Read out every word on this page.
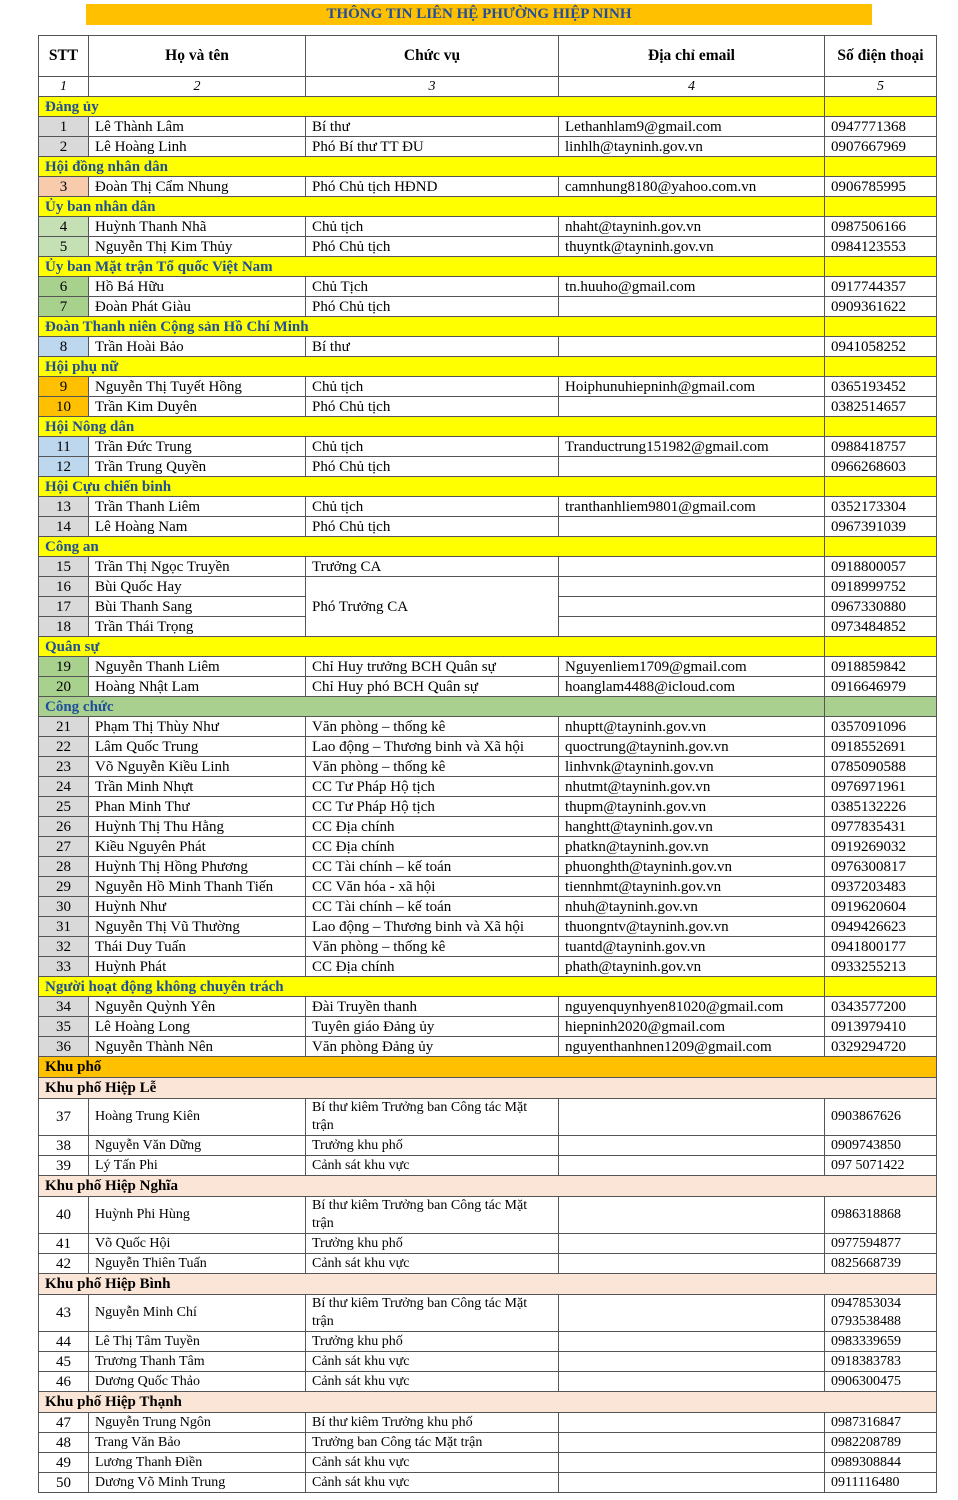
THÔNG TIN LIÊN HỆ PHƯỜNG HIỆP NINH
STT	Họ và tên	Chức vụ	Địa chỉ email	Số điện thoại
1	2	3	4	5
Đảng ủy				
1	Lê Thành Lâm	Bí thư	Lethanhlam9@gmail.com	0947771368
2	Lê Hoàng Linh	Phó Bí thư TT ĐU	linhlh@tayninh.gov.vn	0907667969
Hội đồng nhân dân				
3	Đoàn Thị Cẩm Nhung	Phó Chủ tịch HĐND	camnhung8180@yahoo.com.vn	0906785995
Ủy ban nhân dân				
4	Huỳnh Thanh Nhã	Chủ tịch	nhaht@tayninh.gov.vn	0987506166
5	Nguyễn Thị Kim Thủy	Phó Chủ tịch	thuyntk@tayninh.gov.vn	0984123553
Ủy ban Mặt trận Tổ quốc Việt Nam				
6	Hồ Bá Hữu	Chủ Tịch	tn.huuho@gmail.com	0917744357
7	Đoàn Phát Giàu	Phó Chủ tịch		0909361622
Đoàn Thanh niên Cộng sản Hồ Chí Minh				
8	Trần Hoài Bảo	Bí thư		0941058252
Hội phụ nữ				
9	Nguyễn Thị Tuyết Hồng	Chủ tịch	Hoiphunuhiepninh@gmail.com	0365193452
10	Trần Kim Duyên	Phó Chủ tịch		0382514657
Hội Nông dân				
11	Trần Đức Trung	Chủ tịch	Tranductrung151982@gmail.com	0988418757
12	Trần Trung Quyền	Phó Chủ tịch		0966268603
Hội Cựu chiến binh				
13	Trần Thanh Liêm	Chủ tịch	tranthanhliem9801@gmail.com	0352173304
14	Lê Hoàng Nam	Phó Chủ tịch		0967391039
Công an				
15	Trần Thị Ngọc Truyền	Trưởng CA		0918800057
16	Bùi Quốc Hay	Phó Trưởng CA		0918999752
17	Bùi Thanh Sang			0967330880
18	Trần Thái Trọng			0973484852
Quân sự				
19	Nguyễn Thanh Liêm	Chỉ Huy trưởng BCH Quân sự	Nguyenliem1709@gmail.com	0918859842
20	Hoàng Nhật Lam	Chỉ Huy phó BCH Quân sự	hoanglam4488@icloud.com	0916646979
Công chức				
21	Phạm Thị Thùy Như	Văn phòng – thống kê	nhuptt@tayninh.gov.vn	0357091096
22	Lâm Quốc Trung	Lao động – Thương binh và Xã hội	quoctrung@tayninh.gov.vn	0918552691
23	Võ Nguyễn Kiều Linh	Văn phòng – thống kê	linhvnk@tayninh.gov.vn	0785090588
24	Trần Minh Nhựt	CC Tư Pháp Hộ tịch	nhutmt@tayninh.gov.vn	0976971961
25	Phan Minh Thư	CC Tư Pháp Hộ tịch	thupm@tayninh.gov.vn	0385132226
26	Huỳnh Thị Thu Hằng	CC Địa chính	hanghtt@tayninh.gov.vn	0977835431
27	Kiều Nguyên Phát	CC Địa chính	phatkn@tayninh.gov.vn	0919269032
28	Huỳnh Thị Hồng Phương	CC Tài chính – kế toán	phuonghth@tayninh.gov.vn	0976300817
29	Nguyễn Hồ Minh Thanh Tiến	CC Văn hóa - xã hội	tiennhmt@tayninh.gov.vn	0937203483
30	Huỳnh Như	CC Tài chính – kế toán	nhuh@tayninh.gov.vn	0919620604
31	Nguyễn Thị Vũ Thường	Lao động – Thương binh và Xã hội	thuongntv@tayninh.gov.vn	0949426623
32	Thái Duy Tuấn	Văn phòng – thống kê	tuantd@tayninh.gov.vn	0941800177
33	Huỳnh Phát	CC Địa chính	phath@tayninh.gov.vn	0933255213
Người hoạt động không chuyên trách				
34	Nguyễn Quỳnh Yên	Đài Truyền thanh	nguyenquynhyen81020@gmail.com	0343577200
35	Lê Hoàng Long	Tuyên giáo Đảng ủy	hiepninh2020@gmail.com	0913979410
36	Nguyễn Thành Nên	Văn phòng Đảng ủy	nguyenthanhnen1209@gmail.com	0329294720
Khu phố				
Khu phố Hiệp Lễ				
37	Hoàng Trung Kiên	Bí thư kiêm Trưởng ban Công tác Mặt trận		0903867626
38	Nguyễn Văn Dững	Trưởng khu phố		0909743850
39	Lý Tấn Phi	Cảnh sát khu vực		097 5071422
Khu phố Hiệp Nghĩa				
40	Huỳnh Phi Hùng	Bí thư kiêm Trưởng ban Công tác Mặt trận		0986318868
41	Võ Quốc Hội	Trưởng khu phố		0977594877
42	Nguyễn Thiên Tuấn	Cảnh sát khu vực		0825668739
Khu phố Hiệp Bình				
43	Nguyễn Minh Chí	Bí thư kiêm Trưởng ban Công tác Mặt trận		0947853034
0793538488

44	Lê Thị Tâm Tuyền	Trưởng khu phố		0983339659
45	Trương Thanh Tâm	Cảnh sát khu vực		0918383783
46	Dương Quốc Thảo	Cảnh sát khu vực		0906300475
Khu phố Hiệp Thạnh				
47	Nguyễn Trung Ngôn	Bí thư kiêm Trưởng khu phố		0987316847
48	Trang Văn Bảo	Trưởng ban Công tác Mặt trận		0982208789
49	Lương Thanh Điền	Cảnh sát khu vực		0989308844
50	Dương Võ Minh Trung	Cảnh sát khu vực		0911116480
